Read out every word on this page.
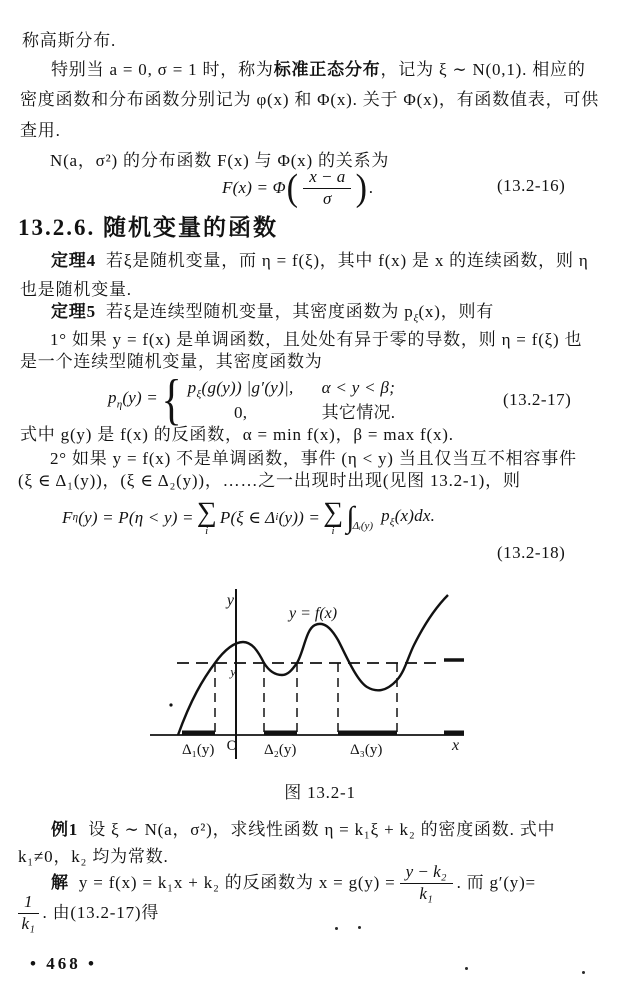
称高斯分布.
特别当 a = 0, σ = 1 时，称为标准正态分布，记为 ξ ∼ N(0,1). 相应的
密度函数和分布函数分别记为 φ(x) 和 Φ(x). 关于 Φ(x)，有函数值表，可供
查用.
N(a，σ²) 的分布函数 F(x) 与 Φ(x) 的关系为
F(x) = Φ ( $\frac{x - a}{\sigma}$ ) .	(13.2-16)
13.2.6. 随机变量的函数
定理4 若ξ是随机变量，而 η = f(ξ)，其中 f(x) 是 x 的连续函数，则 η
也是随机变量.
定理5 若ξ是连续型随机变量，其密度函数为 $p_\xi(x)$，则有
1° 如果 y = f(x) 是单调函数，且处处有异于零的导数，则 η = f(ξ) 也
是一个连续型随机变量，其密度函数为
$p_\eta(y)$ = { $p_\xi(g(y))$ |g′(y)|, α < y < β;
0,	其它情况.
(13.2-17)
式中 g(y) 是 f(x) 的反函数，α = min f(x)，β = max f(x).
2° 如果 y = f(x) 不是单调函数，事件 (η < y) 当且仅当互不相容事件
(ξ ∈ Δ₁(y))，(ξ ∈ Δ₂(y))，……之一出现时出现(见图 13.2-1)，则
F η (y) = P(η < y) = ∑
i
P(ξ ∈ Δ i (y)) = ∑
i ∫
Δᵢ(y)
$p_\xi(x)dx$.
(13.2-18)
y
x
O
y
y = f(x)
Δ₁(y)	Δ₂(y)	Δ₃(y)
图 13.2-1
例1 设 ξ ∼ N(a，σ²)，求线性函数 η = k₁ξ + k₂ 的密度函数. 式中
k₁≠0，k₂ 均为常数.
解
y = f(x) = k₁x + k₂ 的反函数为 $x = g(y) = \frac{\text{y − k₂}}{\text{k₁}}$ . 而 g′(y)=
$\frac{1}{\text{k₁}}$ . 由(13.2-17)得
• 468 •
